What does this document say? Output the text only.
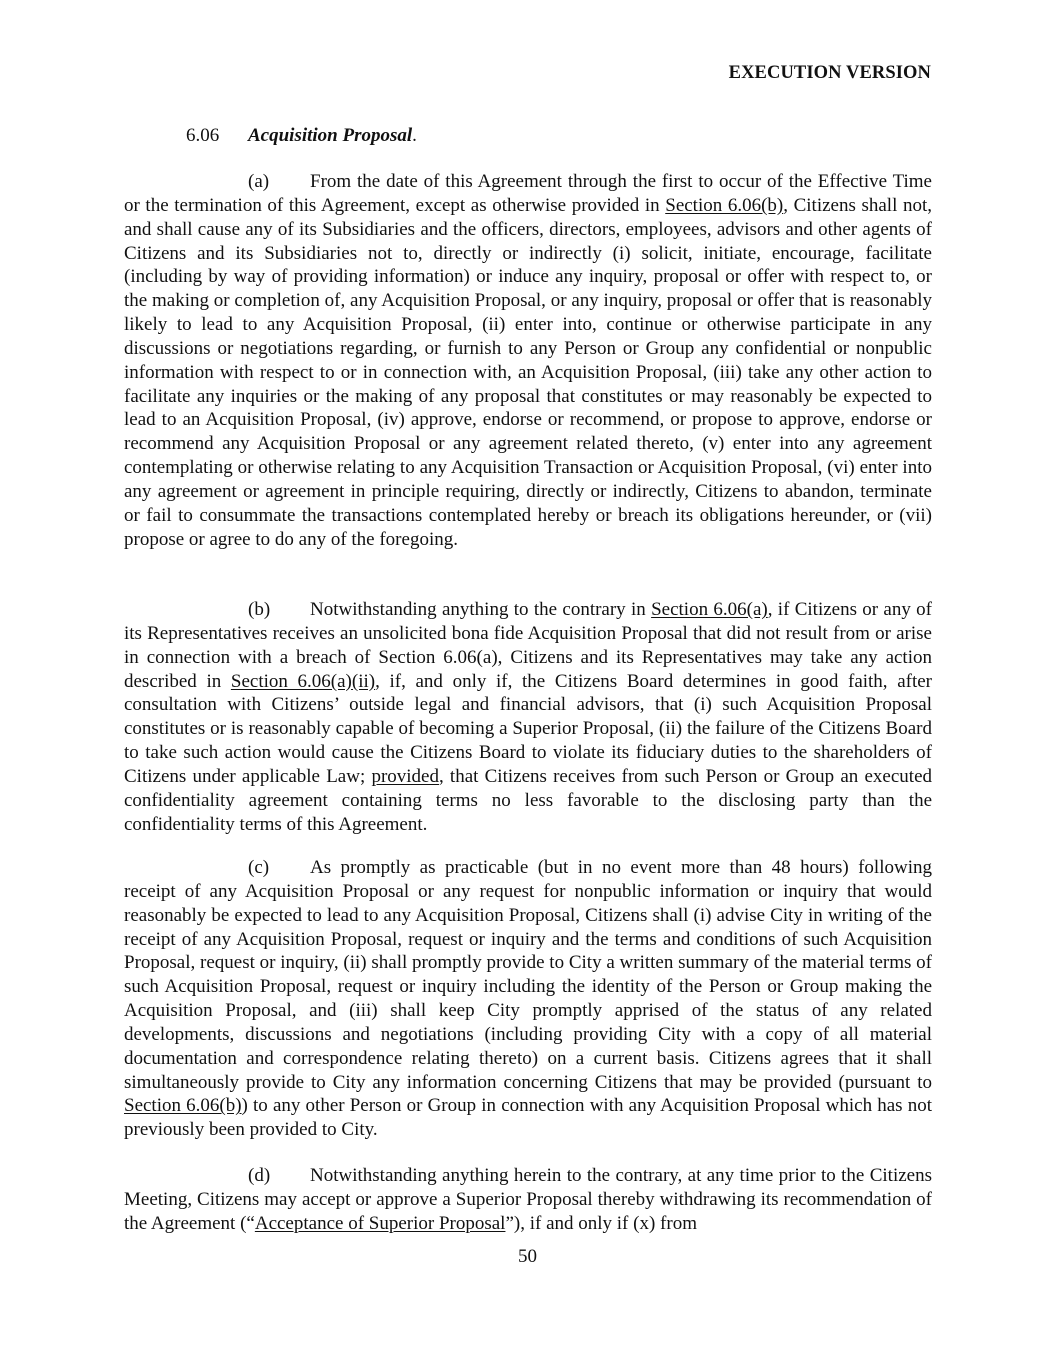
EXECUTION VERSION
6.06 Acquisition Proposal.

(a) From the date of this Agreement through the first to occur of the Effective Time or the termination of this Agreement, except as otherwise provided in Section 6.06(b), Citizens shall not, and shall cause any of its Subsidiaries and the officers, directors, employees, advisors and other agents of Citizens and its Subsidiaries not to, directly or indirectly (i) solicit, initiate, encourage, facilitate (including by way of providing information) or induce any inquiry, proposal or offer with respect to, or the making or completion of, any Acquisition Proposal, or any inquiry, proposal or offer that is reasonably likely to lead to any Acquisition Proposal, (ii) enter into, continue or otherwise participate in any discussions or negotiations regarding, or furnish to any Person or Group any confidential or nonpublic information with respect to or in connection with, an Acquisition Proposal, (iii) take any other action to facilitate any inquiries or the making of any proposal that constitutes or may reasonably be expected to lead to an Acquisition Proposal, (iv) approve, endorse or recommend, or propose to approve, endorse or recommend any Acquisition Proposal or any agreement related thereto, (v) enter into any agreement contemplating or otherwise relating to any Acquisition Transaction or Acquisition Proposal, (vi) enter into any agreement or agreement in principle requiring, directly or indirectly, Citizens to abandon, terminate or fail to consummate the transactions contemplated hereby or breach its obligations hereunder, or (vii) propose or agree to do any of the foregoing.

(b) Notwithstanding anything to the contrary in Section 6.06(a), if Citizens or any of its Representatives receives an unsolicited bona fide Acquisition Proposal that did not result from or arise in connection with a breach of Section 6.06(a), Citizens and its Representatives may take any action described in Section 6.06(a)(ii), if, and only if, the Citizens Board determines in good faith, after consultation with Citizens’ outside legal and financial advisors, that (i) such Acquisition Proposal constitutes or is reasonably capable of becoming a Superior Proposal, (ii) the failure of the Citizens Board to take such action would cause the Citizens Board to violate its fiduciary duties to the shareholders of Citizens under applicable Law; provided, that Citizens receives from such Person or Group an executed confidentiality agreement containing terms no less favorable to the disclosing party than the confidentiality terms of this Agreement.

(c) As promptly as practicable (but in no event more than 48 hours) following receipt of any Acquisition Proposal or any request for nonpublic information or inquiry that would reasonably be expected to lead to any Acquisition Proposal, Citizens shall (i) advise City in writing of the receipt of any Acquisition Proposal, request or inquiry and the terms and conditions of such Acquisition Proposal, request or inquiry, (ii) shall promptly provide to City a written summary of the material terms of such Acquisition Proposal, request or inquiry including the identity of the Person or Group making the Acquisition Proposal, and (iii) shall keep City promptly apprised of the status of any related developments, discussions and negotiations (including providing City with a copy of all material documentation and correspondence relating thereto) on a current basis. Citizens agrees that it shall simultaneously provide to City any information concerning Citizens that may be provided (pursuant to Section 6.06(b)) to any other Person or Group in connection with any Acquisition Proposal which has not previously been provided to City.

(d) Notwithstanding anything herein to the contrary, at any time prior to the Citizens Meeting, Citizens may accept or approve a Superior Proposal thereby withdrawing its recommendation of the Agreement (“Acceptance of Superior Proposal”), if and only if (x) from

50
